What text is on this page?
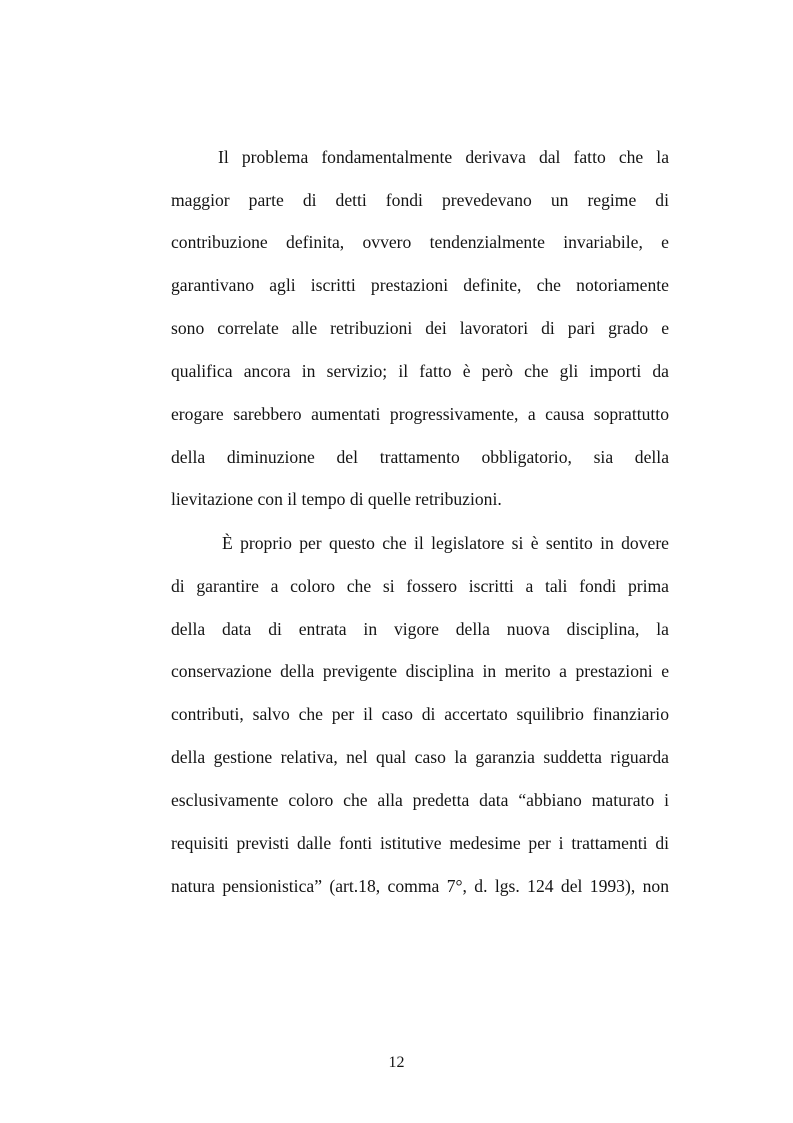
Il problema fondamentalmente derivava dal fatto che la
maggior parte di detti fondi prevedevano un regime di
contribuzione definita, ovvero tendenzialmente invariabile, e
garantivano agli iscritti prestazioni definite, che notoriamente
sono correlate alle retribuzioni dei lavoratori di pari grado e
qualifica ancora in servizio; il fatto è però che gli importi da
erogare sarebbero aumentati progressivamente, a causa soprattutto
della diminuzione del trattamento obbligatorio, sia della
lievitazione con il tempo di quelle retribuzioni.
È proprio per questo che il legislatore si è sentito in dovere
di garantire a coloro che si fossero iscritti a tali fondi prima
della data di entrata in vigore della nuova disciplina, la
conservazione della previgente disciplina in merito a prestazioni e
contributi, salvo che per il caso di accertato squilibrio finanziario
della gestione relativa, nel qual caso la garanzia suddetta riguarda
esclusivamente coloro che alla predetta data “abbiano maturato i
requisiti previsti dalle fonti istitutive medesime per i trattamenti di
natura pensionistica” (art.18, comma 7°, d. lgs. 124 del 1993), non
12
